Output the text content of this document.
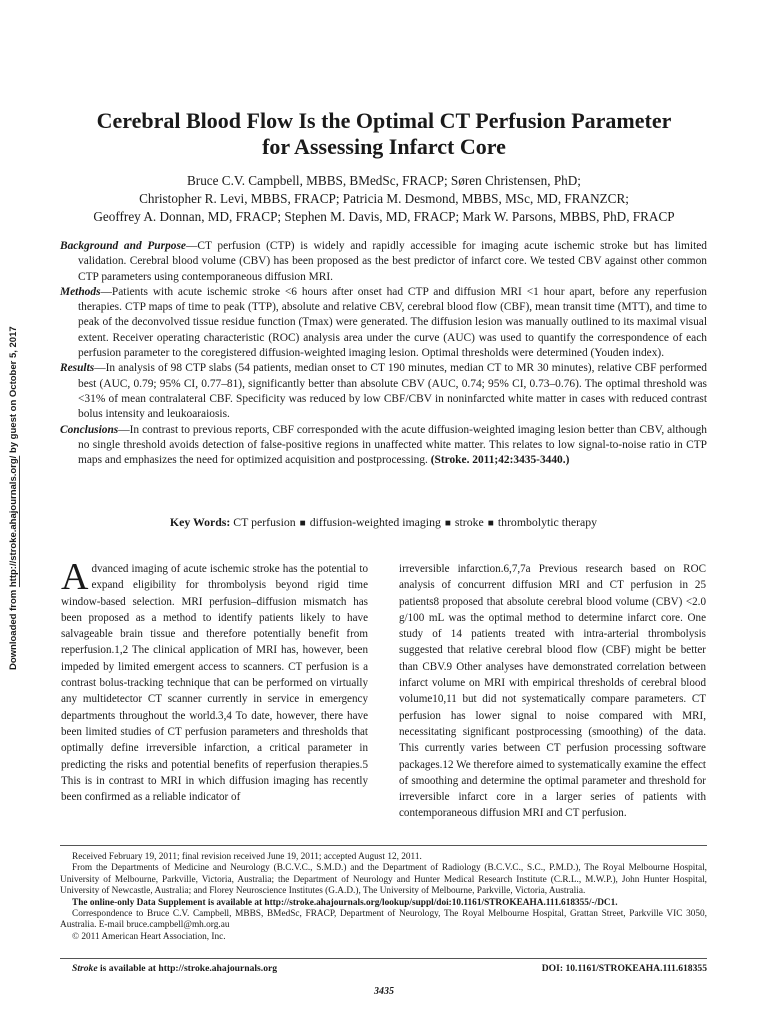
Downloaded from http://stroke.ahajournals.org/ by guest on October 5, 2017
Cerebral Blood Flow Is the Optimal CT Perfusion Parameter for Assessing Infarct Core
Bruce C.V. Campbell, MBBS, BMedSc, FRACP; Søren Christensen, PhD;
Christopher R. Levi, MBBS, FRACP; Patricia M. Desmond, MBBS, MSc, MD, FRANZCR;
Geoffrey A. Donnan, MD, FRACP; Stephen M. Davis, MD, FRACP; Mark W. Parsons, MBBS, PhD, FRACP

Background and Purpose—CT perfusion (CTP) is widely and rapidly accessible for imaging acute ischemic stroke but has limited validation. Cerebral blood volume (CBV) has been proposed as the best predictor of infarct core. We tested CBV against other common CTP parameters using contemporaneous diffusion MRI.

Methods—Patients with acute ischemic stroke <6 hours after onset had CTP and diffusion MRI <1 hour apart, before any reperfusion therapies. CTP maps of time to peak (TTP), absolute and relative CBV, cerebral blood flow (CBF), mean transit time (MTT), and time to peak of the deconvolved tissue residue function (Tmax) were generated. The diffusion lesion was manually outlined to its maximal visual extent. Receiver operating characteristic (ROC) analysis area under the curve (AUC) was used to quantify the correspondence of each perfusion parameter to the coregistered diffusion-weighted imaging lesion. Optimal thresholds were determined (Youden index).

Results—In analysis of 98 CTP slabs (54 patients, median onset to CT 190 minutes, median CT to MR 30 minutes), relative CBF performed best (AUC, 0.79; 95% CI, 0.77–81), significantly better than absolute CBV (AUC, 0.74; 95% CI, 0.73–0.76). The optimal threshold was <31% of mean contralateral CBF. Specificity was reduced by low CBF/CBV in noninfarcted white matter in cases with reduced contrast bolus intensity and leukoaraiosis.

Conclusions—In contrast to previous reports, CBF corresponded with the acute diffusion-weighted imaging lesion better than CBV, although no single threshold avoids detection of false-positive regions in unaffected white matter. This relates to low signal-to-noise ratio in CTP maps and emphasizes the need for optimized acquisition and postprocessing. (Stroke. 2011;42:3435-3440.)

Key Words: CT perfusion ■ diffusion-weighted imaging ■ stroke ■ thrombolytic therapy

Advanced imaging of acute ischemic stroke has the potential to expand eligibility for thrombolysis beyond rigid time window-based selection. MRI perfusion–diffusion mismatch has been proposed as a method to identify patients likely to have salvageable brain tissue and therefore potentially benefit from reperfusion.1,2 The clinical application of MRI has, however, been impeded by limited emergent access to scanners. CT perfusion is a contrast bolus-tracking technique that can be performed on virtually any multidetector CT scanner currently in service in emergency departments throughout the world.3,4 To date, however, there have been limited studies of CT perfusion parameters and thresholds that optimally define irreversible infarction, a critical parameter in predicting the risks and potential benefits of reperfusion therapies.5 This is in contrast to MRI in which diffusion imaging has recently been confirmed as a reliable indicator of

irreversible infarction.6,7,7a Previous research based on ROC analysis of concurrent diffusion MRI and CT perfusion in 25 patients8 proposed that absolute cerebral blood volume (CBV) <2.0 g/100 mL was the optimal method to determine infarct core. One study of 14 patients treated with intra-arterial thrombolysis suggested that relative cerebral blood flow (CBF) might be better than CBV.9 Other analyses have demonstrated correlation between infarct volume on MRI with empirical thresholds of cerebral blood volume10,11 but did not systematically compare parameters. CT perfusion has lower signal to noise compared with MRI, necessitating significant postprocessing (smoothing) of the data. This currently varies between CT perfusion processing software packages.12 We therefore aimed to systematically examine the effect of smoothing and determine the optimal parameter and threshold for irreversible infarct core in a larger series of patients with contemporaneous diffusion MRI and CT perfusion.

Received February 19, 2011; final revision received June 19, 2011; accepted August 12, 2011.

From the Departments of Medicine and Neurology (B.C.V.C., S.M.D.) and the Department of Radiology (B.C.V.C., S.C., P.M.D.), The Royal Melbourne Hospital, University of Melbourne, Parkville, Victoria, Australia; the Department of Neurology and Hunter Medical Research Institute (C.R.L., M.W.P.), John Hunter Hospital, University of Newcastle, Australia; and Florey Neuroscience Institutes (G.A.D.), The University of Melbourne, Parkville, Victoria, Australia.

The online-only Data Supplement is available at http://stroke.ahajournals.org/lookup/suppl/doi:10.1161/STROKEAHA.111.618355/-/DC1.

Correspondence to Bruce C.V. Campbell, MBBS, BMedSc, FRACP, Department of Neurology, The Royal Melbourne Hospital, Grattan Street, Parkville VIC 3050, Australia. E-mail bruce.campbell@mh.org.au

© 2011 American Heart Association, Inc.

Stroke is available at http://stroke.ahajournals.org	DOI: 10.1161/STROKEAHA.111.618355
3435
